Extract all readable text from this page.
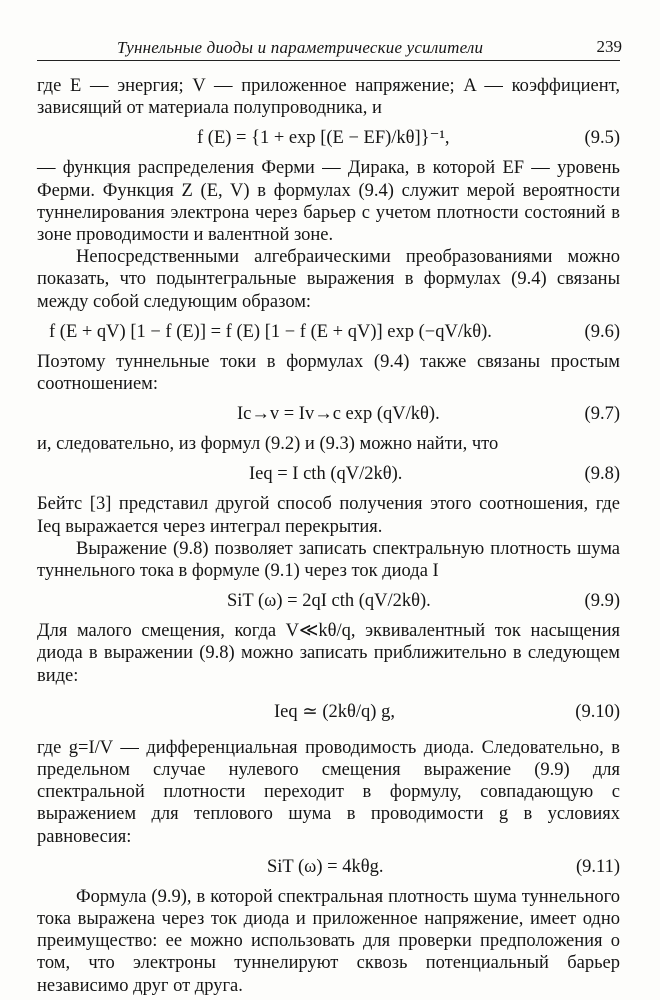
Туннельные диоды и параметрические усилители	239

где E — энергия; V — приложенное напряжение; A — коэффициент, зависящий от материала полупроводника, и

f (E) = {1 + exp [(E − EF)/kθ]}⁻¹,	(9.5)

— функция распределения Ферми — Дирака, в которой EF — уровень Ферми. Функция Z (E, V) в формулах (9.4) служит мерой вероятности туннелирования электрона через барьер с учетом плотности состояний в зоне проводимости и валентной зоне.

Непосредственными алгебраическими преобразованиями можно показать, что подынтегральные выражения в формулах (9.4) связаны между собой следующим образом:

f (E + qV) [1 − f (E)] = f (E) [1 − f (E + qV)] exp (−qV/kθ).	(9.6)

Поэтому туннельные токи в формулах (9.4) также связаны простым соотношением:

Ic→v = Iv→c exp (qV/kθ).	(9.7)

и, следовательно, из формул (9.2) и (9.3) можно найти, что

Ieq = I cth (qV/2kθ).	(9.8)

Бейтс [3] представил другой способ получения этого соотношения, где Ieq выражается через интеграл перекрытия.

Выражение (9.8) позволяет записать спектральную плотность шума туннельного тока в формуле (9.1) через ток диода I

SiT (ω) = 2qI cth (qV/2kθ).	(9.9)

Для малого смещения, когда V≪kθ/q, эквивалентный ток насыщения диода в выражении (9.8) можно записать приближительно в следующем виде:

Ieq ≃ (2kθ/q) g,	(9.10)

где g=I/V — дифференциальная проводимость диода. Следовательно, в предельном случае нулевого смещения выражение (9.9) для спектральной плотности переходит в формулу, совпадающую с выражением для теплового шума в проводимости g в условиях равновесия:

SiT (ω) = 4kθg.	(9.11)

Формула (9.9), в которой спектральная плотность шума туннельного тока выражена через ток диода и приложенное напряжение, имеет одно преимущество: ее можно использовать для проверки предположения о том, что электроны туннелируют сквозь потенциальный барьер независимо друг от друга.
